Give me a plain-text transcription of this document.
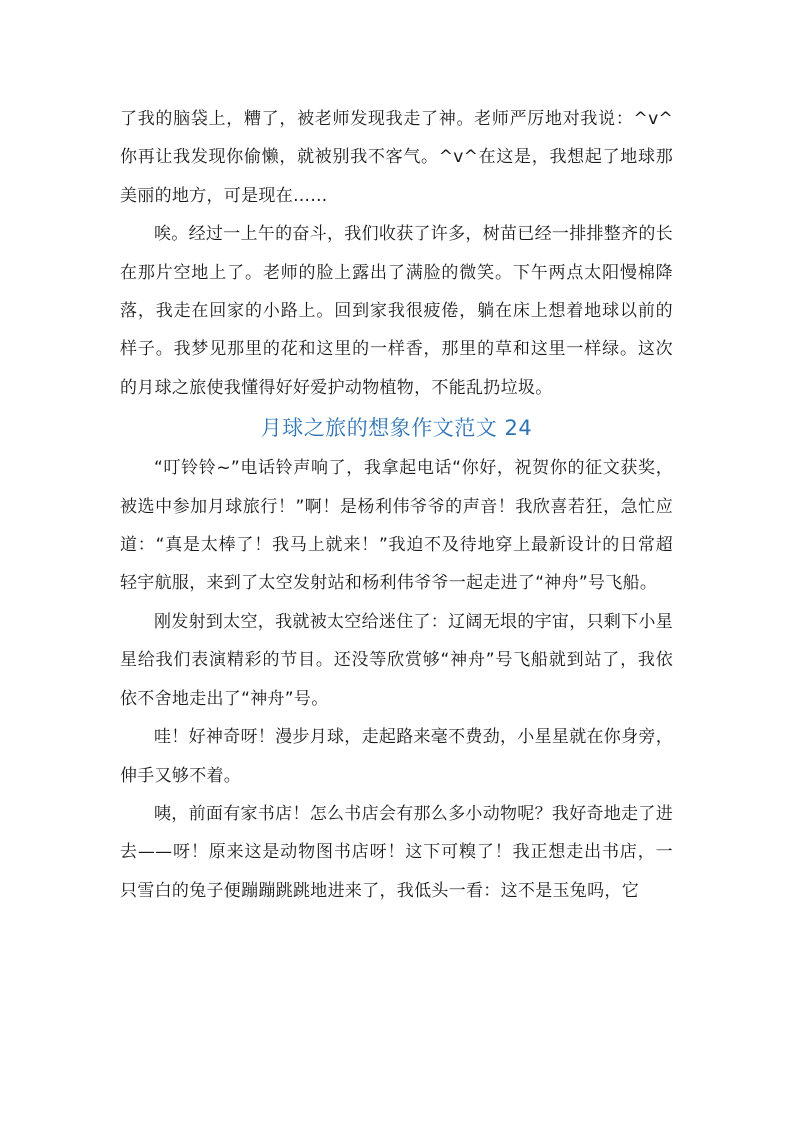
了我的脑袋上，糟了，被老师发现我走了神。老师严厉地对我说：^v^你再让我发现你偷懒，就被别我不客气。^v^在这是，我想起了地球那美丽的地方，可是现在……

唉。经过一上午的奋斗，我们收获了许多，树苗已经一排排整齐的长在那片空地上了。老师的脸上露出了满脸的微笑。下午两点太阳慢棉降落，我走在回家的小路上。回到家我很疲倦，躺在床上想着地球以前的样子。我梦见那里的花和这里的一样香，那里的草和这里一样绿。这次的月球之旅使我懂得好好爱护动物植物，不能乱扔垃圾。

月球之旅的想象作文范文 24

“叮铃铃~”电话铃声响了，我拿起电话“你好，祝贺你的征文获奖，被选中参加月球旅行！”啊！是杨利伟爷爷的声音！我欣喜若狂，急忙应道：“真是太棒了！我马上就来！”我迫不及待地穿上最新设计的日常超轻宇航服，来到了太空发射站和杨利伟爷爷一起走进了“神舟”号飞船。

刚发射到太空，我就被太空给迷住了：辽阔无垠的宇宙，只剩下小星星给我们表演精彩的节目。还没等欣赏够“神舟”号飞船就到站了，我依依不舍地走出了“神舟”号。

哇！好神奇呀！漫步月球，走起路来毫不费劲，小星星就在你身旁，伸手又够不着。

咦，前面有家书店！怎么书店会有那么多小动物呢？我好奇地走了进去——呀！原来这是动物图书店呀！这下可糗了！我正想走出书店，一只雪白的兔子便蹦蹦跳跳地进来了，我低头一看：这不是玉兔吗，它
